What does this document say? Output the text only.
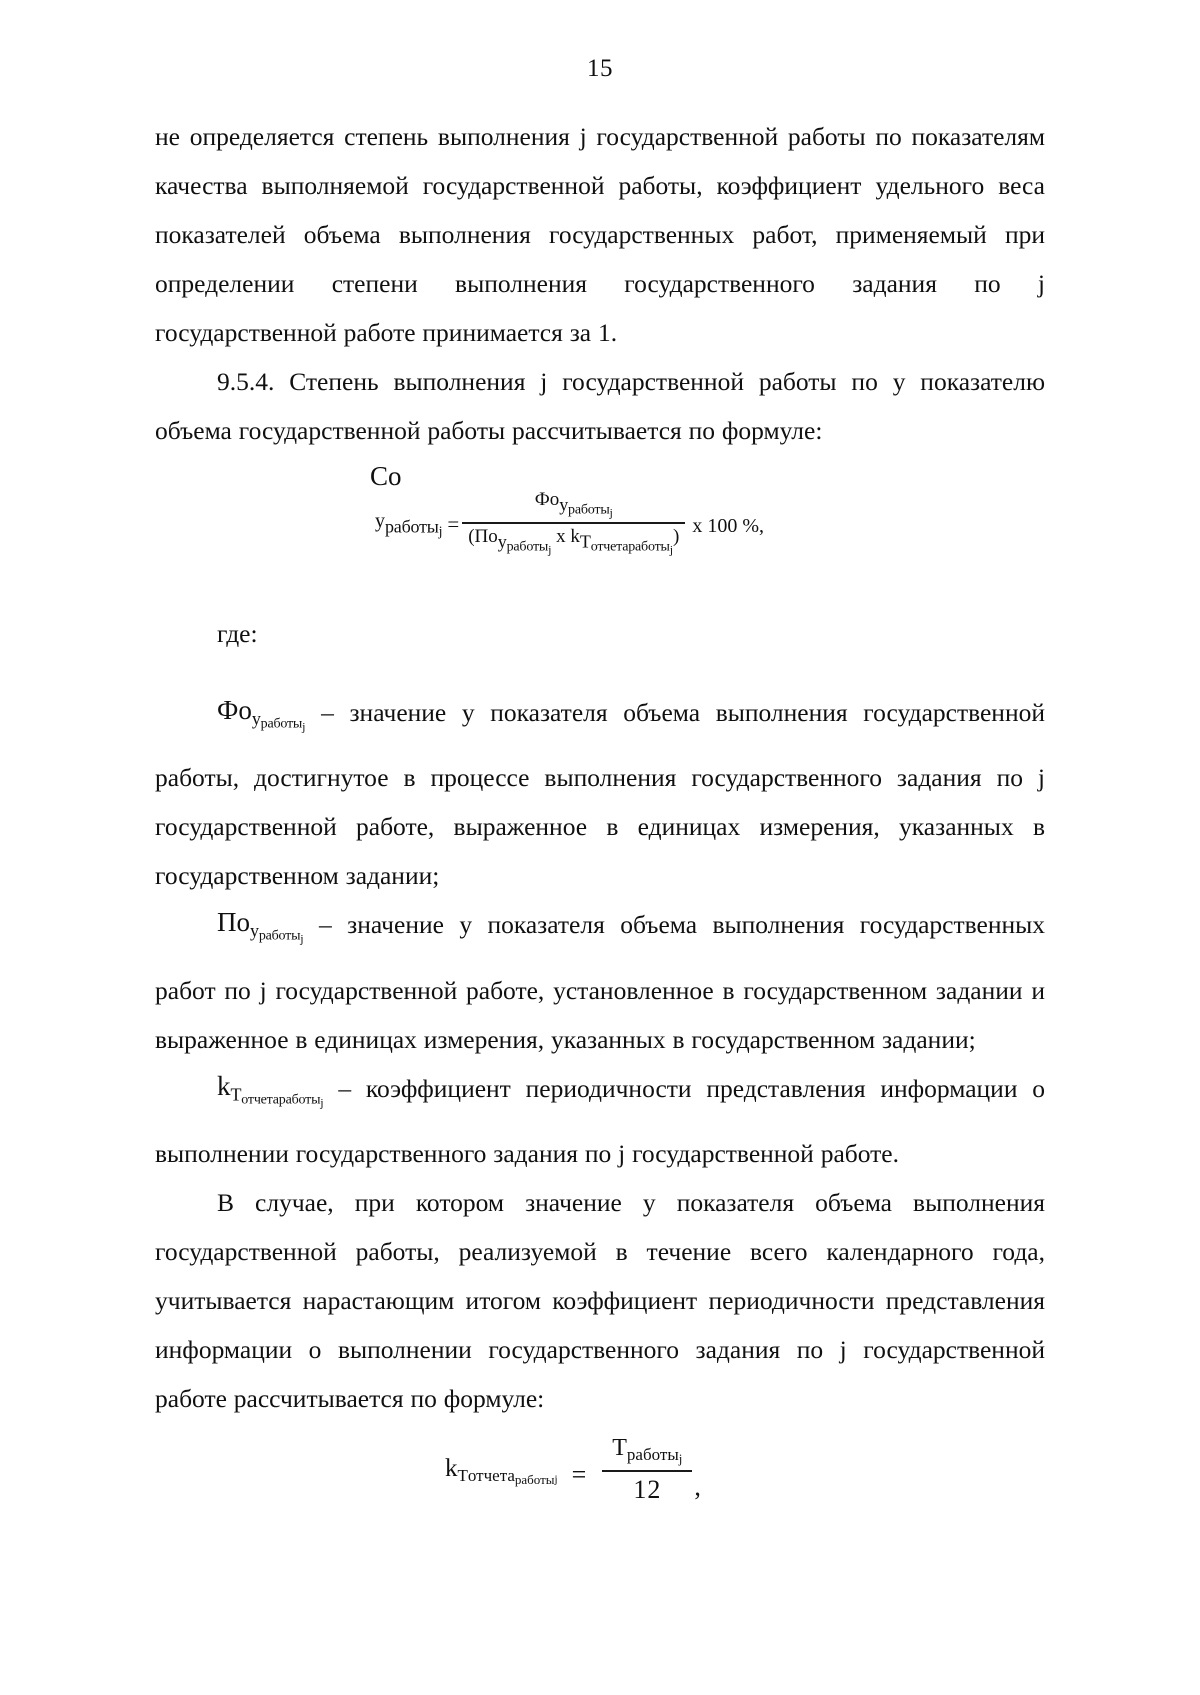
15

не определяется степень выполнения j государственной работы по показателям качества выполняемой государственной работы, коэффициент удельного веса показателей объема выполнения государственных работ, применяемый при определении степени выполнения государственного задания по j государственной работе принимается за 1.

9.5.4. Степень выполнения j государственной работы по у показателю объема государственной работы рассчитывается по формуле:

Со
уработы$_j$ = $\frac{Фоу_{работыj}}{(Поу_{работыj} х kТ_{отчетаработыj})}$ х 100 %,

где:

$Фо_{уработыj}$ – значение у показателя объема выполнения государственной работы, достигнутое в процессе выполнения государственного задания по j государственной работе, выраженное в единицах измерения, указанных в государственном задании;

$По_{уработыj}$ – значение у показателя объема выполнения государственных работ по j государственной работе, установленное в государственном задании и выраженное в единицах измерения, указанных в государственном задании;

$k_{Тотчетаработыj}$ – коэффициент периодичности представления информации о выполнении государственного задания по j государственной работе.

В случае, при котором значение у показателя объема выполнения государственной работы, реализуемой в течение всего календарного года, учитывается нарастающим итогом коэффициент периодичности представления информации о выполнении государственного задания по j государственной работе рассчитывается по формуле:

$k_{Тотчетаработыj} = \frac{Т_{работыj}}{12}$ ,
